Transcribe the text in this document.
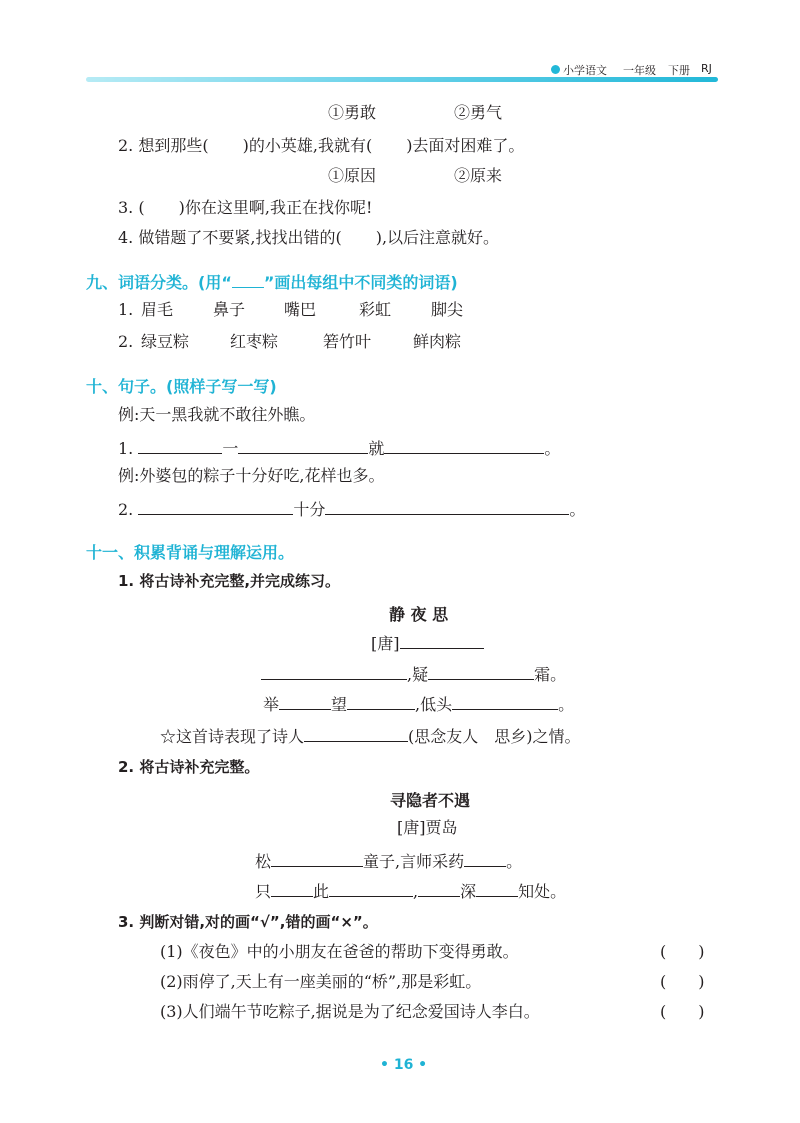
小学语文 一年级 下册 RJ
①勇敢	②勇气
2. 想到那些( )的小英雄,我就有( )去面对困难了。
①原因	②原来
3. ( )你在这里啊,我正在找你呢!
4. 做错题了不要紧,找找出错的( ),以后注意就好。
九、词语分类。(用“ ”画出每组中不同类的词语)
1. 眉毛 鼻子 嘴巴	彩虹 脚尖
2. 绿豆粽	红枣粽	箬竹叶	鲜肉粽
十、句子。(照样子写一写)
例:天一黑我就不敢往外瞧。
1.	一	就	。
例:外婆包的粽子十分好吃,花样也多。
2.	十分	。
十一、积累背诵与理解运用。
1. 将古诗补充完整,并完成练习。
静 夜 思
[唐]
,疑	霜。
举	望	,低头	。
☆这首诗表现了诗人	(思念友人　思乡)之情。
2. 将古诗补充完整。
寻隐者不遇
[唐]贾岛
松	童子,言师采药	。
只	此	,	深	知处。
3. 判断对错,对的画“√”,错的画“×”。
(1)《夜色》中的小朋友在爸爸的帮助下变得勇敢。	(　　)
(2)雨停了,天上有一座美丽的“桥”,那是彩虹。	(　　)
(3)人们端午节吃粽子,据说是为了纪念爱国诗人李白。	(　　)
• 16 •
